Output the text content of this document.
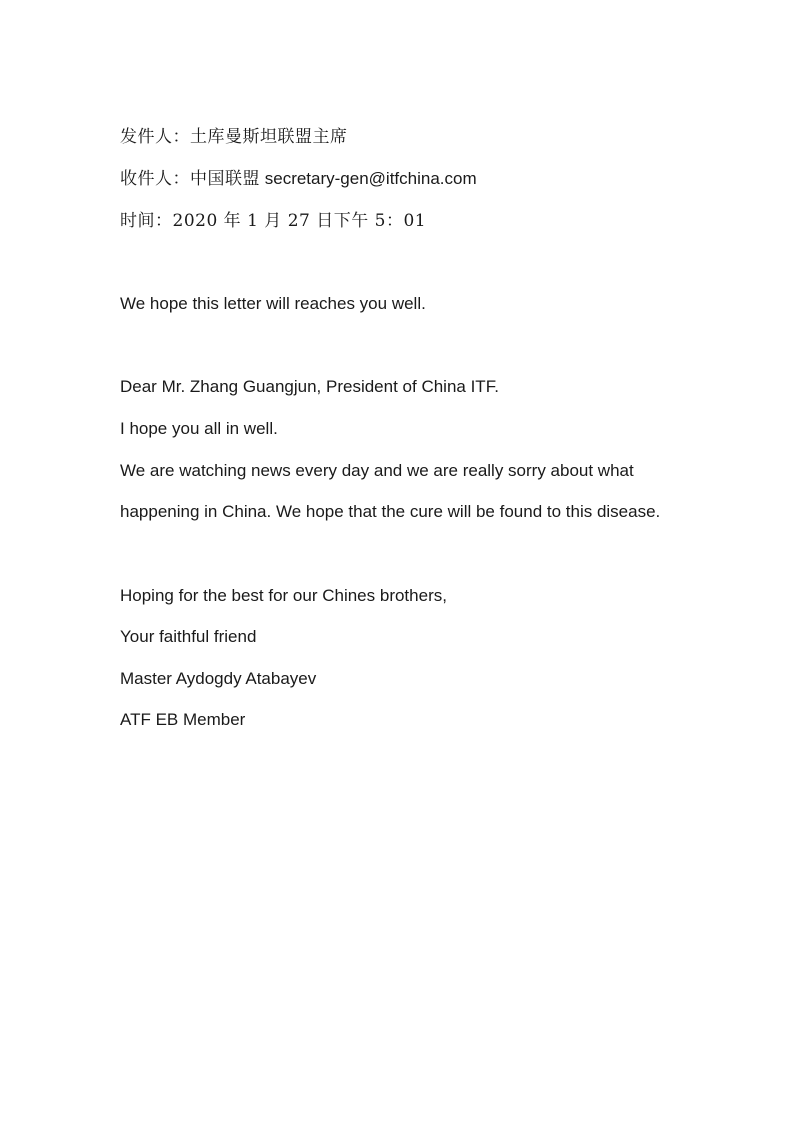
发件人：土库曼斯坦联盟主席
收件人：中国联盟 secretary-gen@itfchina.com
时间：2020 年 1 月 27 日下午 5：01
We hope this letter will reaches you well.
Dear Mr. Zhang Guangjun, President of China ITF.
I hope you all in well.
We are watching news every day and we are really sorry about what
happening in China. We hope that the cure will be found to this disease.
Hoping for the best for our Chines brothers,
Your faithful friend
Master Aydogdy Atabayev
ATF EB Member
